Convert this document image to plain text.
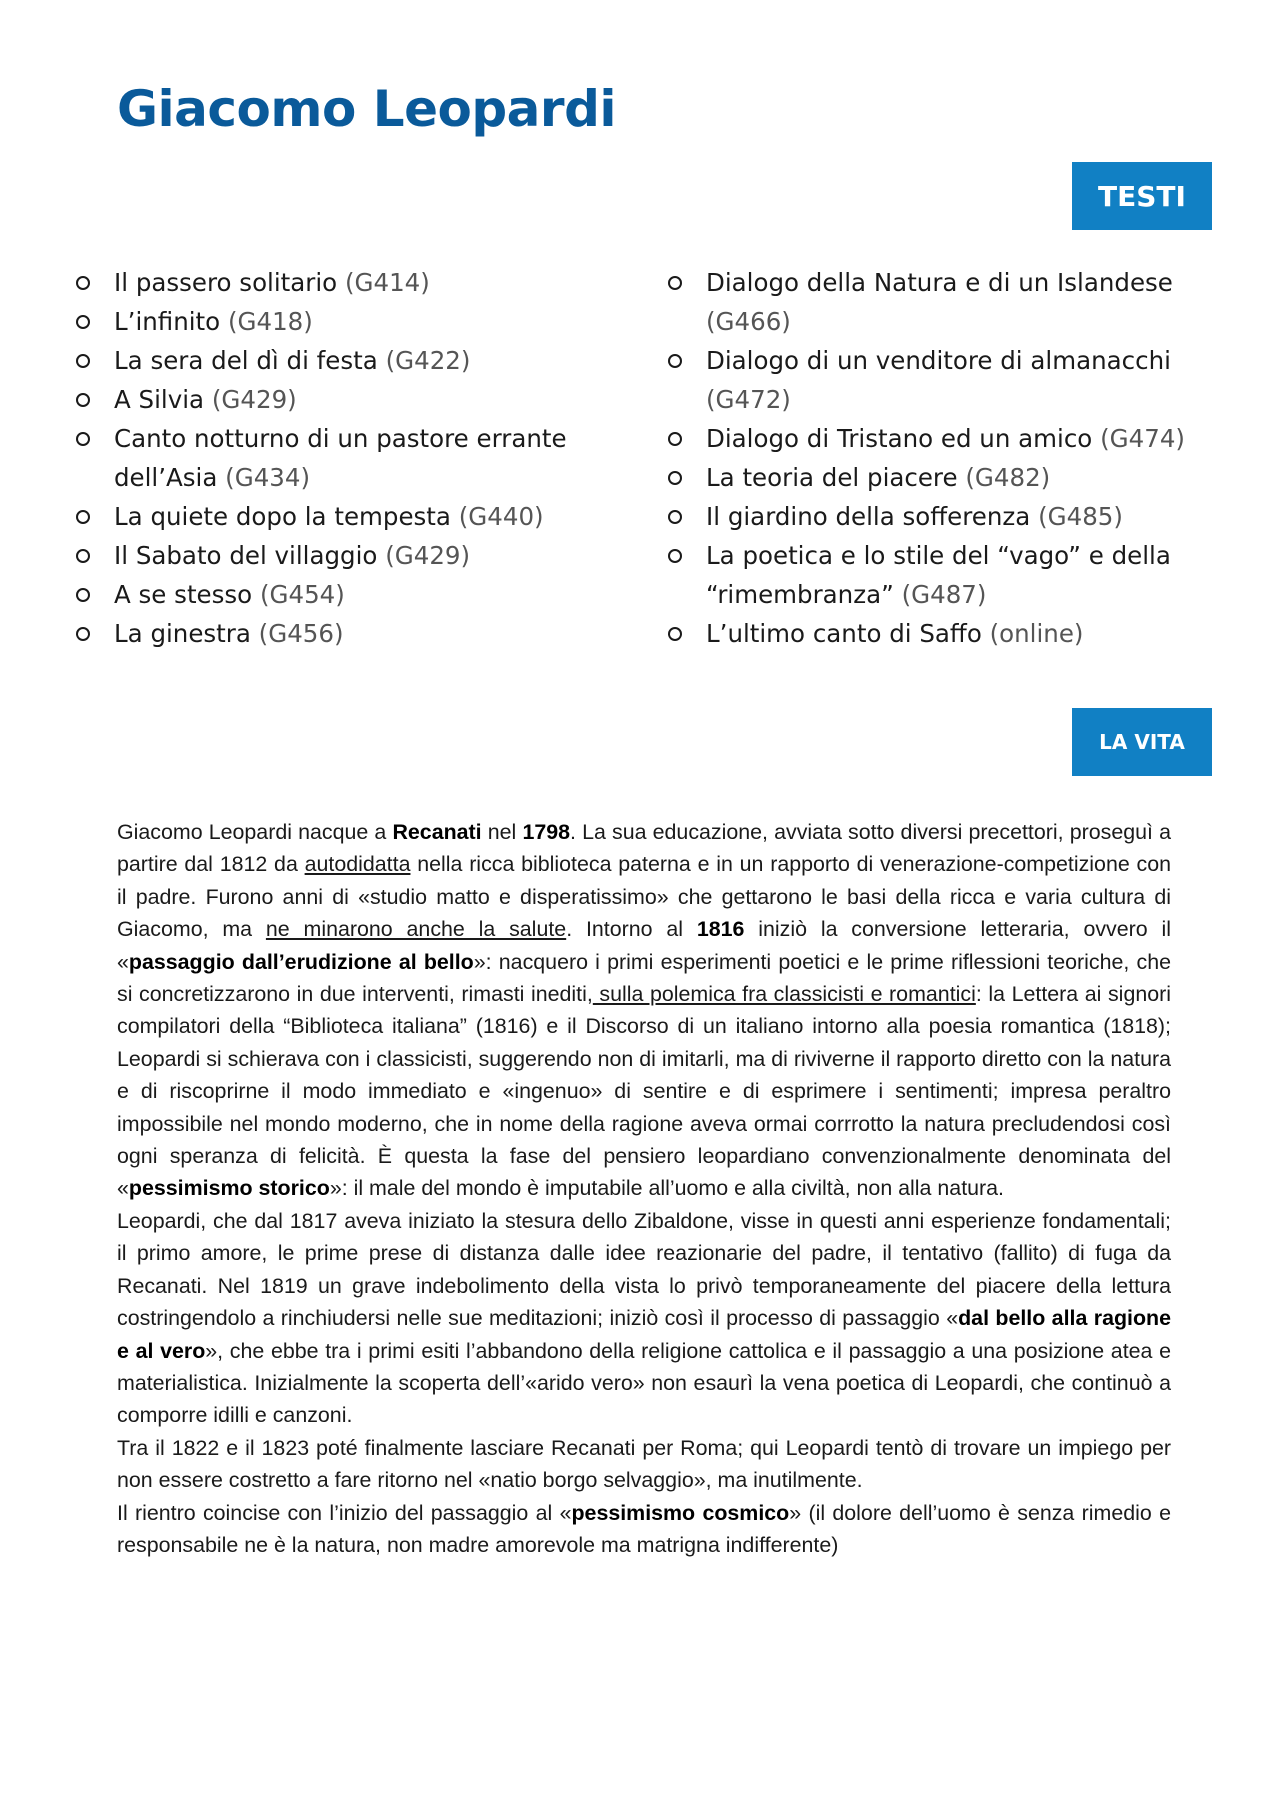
Giacomo Leopardi
TESTI
Il passero solitario (G414)
L’infinito (G418)
La sera del dì di festa (G422)
A Silvia (G429)
Canto notturno di un pastore errante dell’Asia (G434)
La quiete dopo la tempesta (G440)
Il Sabato del villaggio (G429)
A se stesso (G454)
La ginestra (G456)
Dialogo della Natura e di un Islandese (G466)
Dialogo di un venditore di almanacchi (G472)
Dialogo di Tristano ed un amico (G474)
La teoria del piacere (G482)
Il giardino della sofferenza (G485)
La poetica e lo stile del “vago” e della “rimembranza” (G487)
L’ultimo canto di Saffo (online)
LA VITA
Giacomo Leopardi nacque a Recanati nel 1798. La sua educazione, avviata sotto diversi precettori, proseguì a partire dal 1812 da autodidatta nella ricca biblioteca paterna e in un rapporto di venerazione-competizione con il padre. Furono anni di «studio matto e disperatissimo» che gettarono le basi della ricca e varia cultura di Giacomo, ma ne minarono anche la salute. Intorno al 1816 iniziò la conversione letteraria, ovvero il «passaggio dall’erudizione al bello»: nacquero i primi esperimenti poetici e le prime riflessioni teoriche, che si concretizzarono in due interventi, rimasti inediti, sulla polemica fra classicisti e romantici: la Lettera ai signori compilatori della “Biblioteca italiana” (1816) e il Discorso di un italiano intorno alla poesia romantica (1818); Leopardi si schierava con i classicisti, suggerendo non di imitarli, ma di riviverne il rapporto diretto con la natura e di riscoprirne il modo immediato e «ingenuo» di sentire e di esprimere i sentimenti; impresa peraltro impossibile nel mondo moderno, che in nome della ragione aveva ormai corrrotto la natura precludendosi così ogni speranza di felicità. È questa la fase del pensiero leopardiano convenzionalmente denominata del «pessimismo storico»: il male del mondo è imputabile all’uomo e alla civiltà, non alla natura.
Leopardi, che dal 1817 aveva iniziato la stesura dello Zibaldone, visse in questi anni esperienze fondamentali; il primo amore, le prime prese di distanza dalle idee reazionarie del padre, il tentativo (fallito) di fuga da Recanati. Nel 1819 un grave indebolimento della vista lo privò temporaneamente del piacere della lettura costringendolo a rinchiudersi nelle sue meditazioni; iniziò così il processo di passaggio «dal bello alla ragione e al vero», che ebbe tra i primi esiti l’abbandono della religione cattolica e il passaggio a una posizione atea e materialistica. Inizialmente la scoperta dell’«arido vero» non esaurì la vena poetica di Leopardi, che continuò a comporre idilli e canzoni.
Tra il 1822 e il 1823 poté finalmente lasciare Recanati per Roma; qui Leopardi tentò di trovare un impiego per non essere costretto a fare ritorno nel «natio borgo selvaggio», ma inutilmente.
Il rientro coincise con l’inizio del passaggio al «pessimismo cosmico» (il dolore dell’uomo è senza rimedio e responsabile ne è la natura, non madre amorevole ma matrigna indifferente)
